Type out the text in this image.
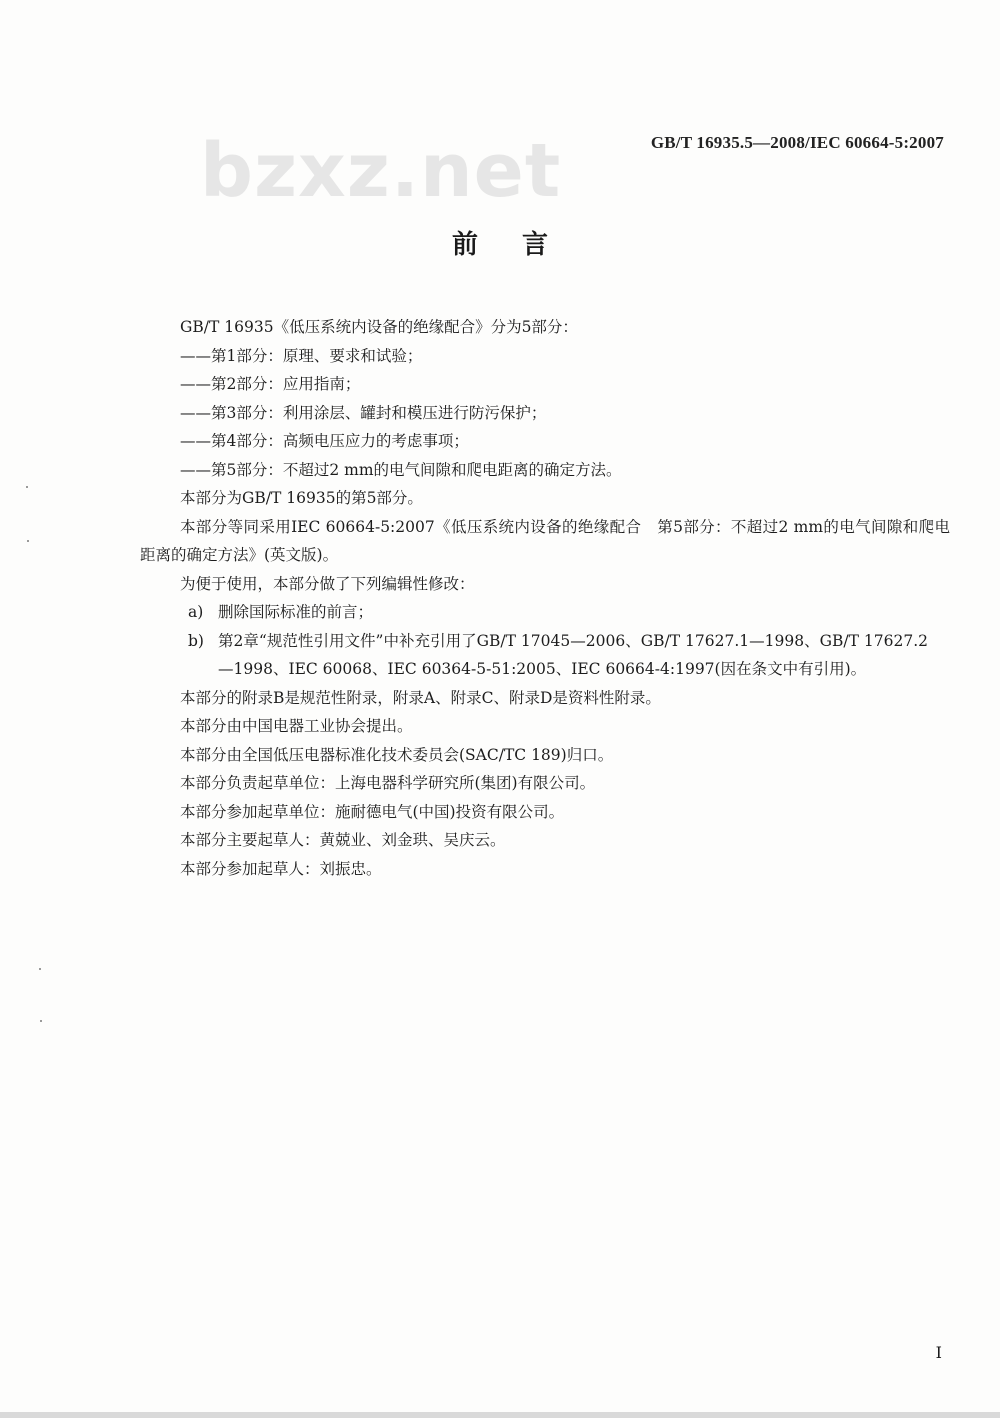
GB/T 16935.5—2008/IEC 60664-5:2007
bzxz.net
前言

GB/T 16935《低压系统内设备的绝缘配合》分为5部分：

——第1部分：原理、要求和试验；

——第2部分：应用指南；

——第3部分：利用涂层、罐封和模压进行防污保护；

——第4部分：高频电压应力的考虑事项；

——第5部分：不超过2 mm的电气间隙和爬电距离的确定方法。

本部分为GB/T 16935的第5部分。

本部分等同采用IEC 60664-5:2007《低压系统内设备的绝缘配合　第5部分：不超过2 mm的电气间隙和爬电距离的确定方法》(英文版)。

为便于使用，本部分做了下列编辑性修改：

a) 删除国际标准的前言；
b) 第2章“规范性引用文件”中补充引用了GB/T 17045—2006、GB/T 17627.1—1998、GB/T 17627.2—1998、IEC 60068、IEC 60364-5-51:2005、IEC 60664-4:1997(因在条文中有引用)。

本部分的附录B是规范性附录，附录A、附录C、附录D是资料性附录。

本部分由中国电器工业协会提出。

本部分由全国低压电器标准化技术委员会(SAC/TC 189)归口。

本部分负责起草单位：上海电器科学研究所(集团)有限公司。

本部分参加起草单位：施耐德电气(中国)投资有限公司。

本部分主要起草人：黄兢业、刘金珙、吴庆云。

本部分参加起草人：刘振忠。

I
